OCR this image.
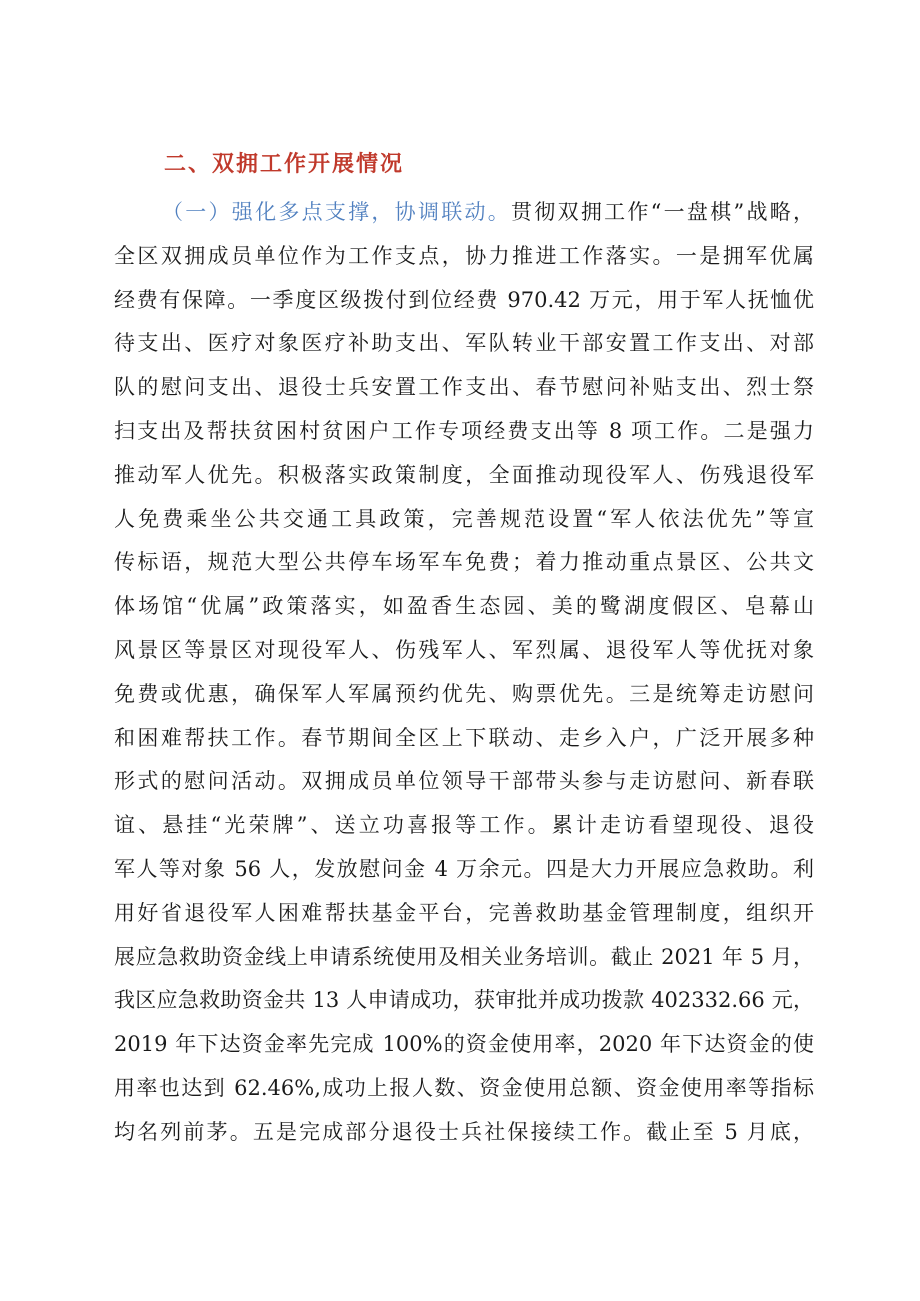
二、双拥工作开展情况
（一）强化多点支撑，协调联动。贯彻双拥工作“一盘棋”战略，
全区双拥成员单位作为工作支点，协力推进工作落实。一是拥军优属
经费有保障。一季度区级拨付到位经费 970.42 万元，用于军人抚恤优
待支出、医疗对象医疗补助支出、军队转业干部安置工作支出、对部
队的慰问支出、退役士兵安置工作支出、春节慰问补贴支出、烈士祭
扫支出及帮扶贫困村贫困户工作专项经费支出等 8 项工作。二是强力
推动军人优先。积极落实政策制度，全面推动现役军人、伤残退役军
人免费乘坐公共交通工具政策，完善规范设置“军人依法优先”等宣
传标语，规范大型公共停车场军车免费；着力推动重点景区、公共文
体场馆“优属”政策落实，如盈香生态园、美的鹭湖度假区、皂幕山
风景区等景区对现役军人、伤残军人、军烈属、退役军人等优抚对象
免费或优惠，确保军人军属预约优先、购票优先。三是统筹走访慰问
和困难帮扶工作。春节期间全区上下联动、走乡入户，广泛开展多种
形式的慰问活动。双拥成员单位领导干部带头参与走访慰问、新春联
谊、悬挂“光荣牌”、送立功喜报等工作。累计走访看望现役、退役
军人等对象 56 人，发放慰问金 4 万余元。四是大力开展应急救助。利
用好省退役军人困难帮扶基金平台，完善救助基金管理制度，组织开
展应急救助资金线上申请系统使用及相关业务培训。截止 2021 年 5 月，
我区应急救助资金共 13 人申请成功，获审批并成功拨款 402332.66 元，
2019 年下达资金率先完成 100%的资金使用率，2020 年下达资金的使
用率也达到 62.46%,成功上报人数、资金使用总额、资金使用率等指标
均名列前茅。五是完成部分退役士兵社保接续工作。截止至 5 月底，
